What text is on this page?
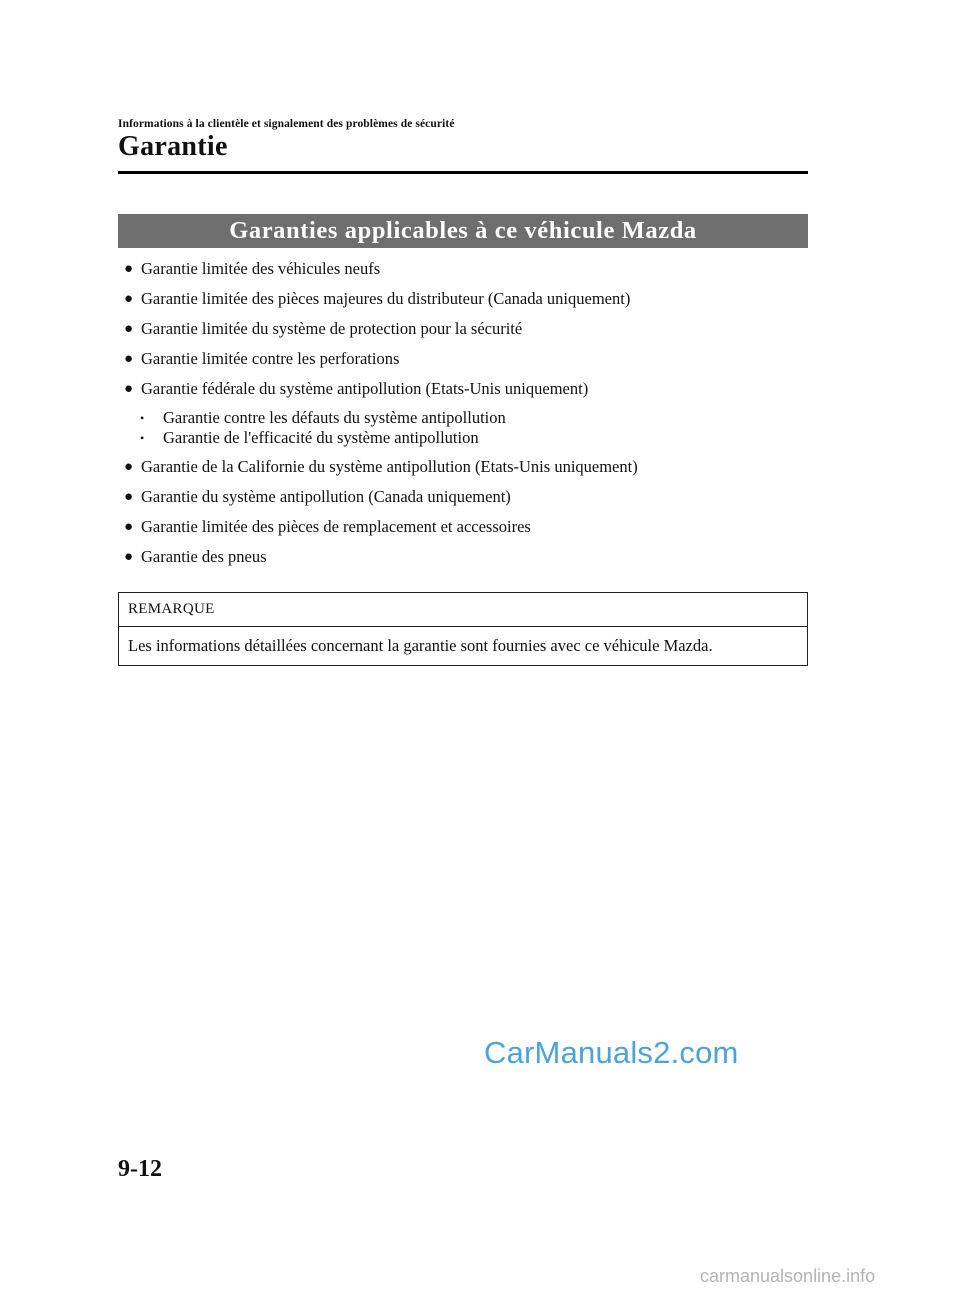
Informations à la clientèle et signalement des problèmes de sécurité
Garantie
Garanties applicables à ce véhicule Mazda
● Garantie limitée des véhicules neufs
● Garantie limitée des pièces majeures du distributeur (Canada uniquement)
● Garantie limitée du système de protection pour la sécurité
● Garantie limitée contre les perforations
● Garantie fédérale du système antipollution (Etats-Unis uniquement)
•	Garantie contre les défauts du système antipollution
•	Garantie de l'efficacité du système antipollution
● Garantie de la Californie du système antipollution (Etats-Unis uniquement)
● Garantie du système antipollution (Canada uniquement)
● Garantie limitée des pièces de remplacement et accessoires
● Garantie des pneus
REMARQUE
Les informations détaillées concernant la garantie sont fournies avec ce véhicule Mazda.
CarManuals2.com
9-12
carmanualsonline.info
